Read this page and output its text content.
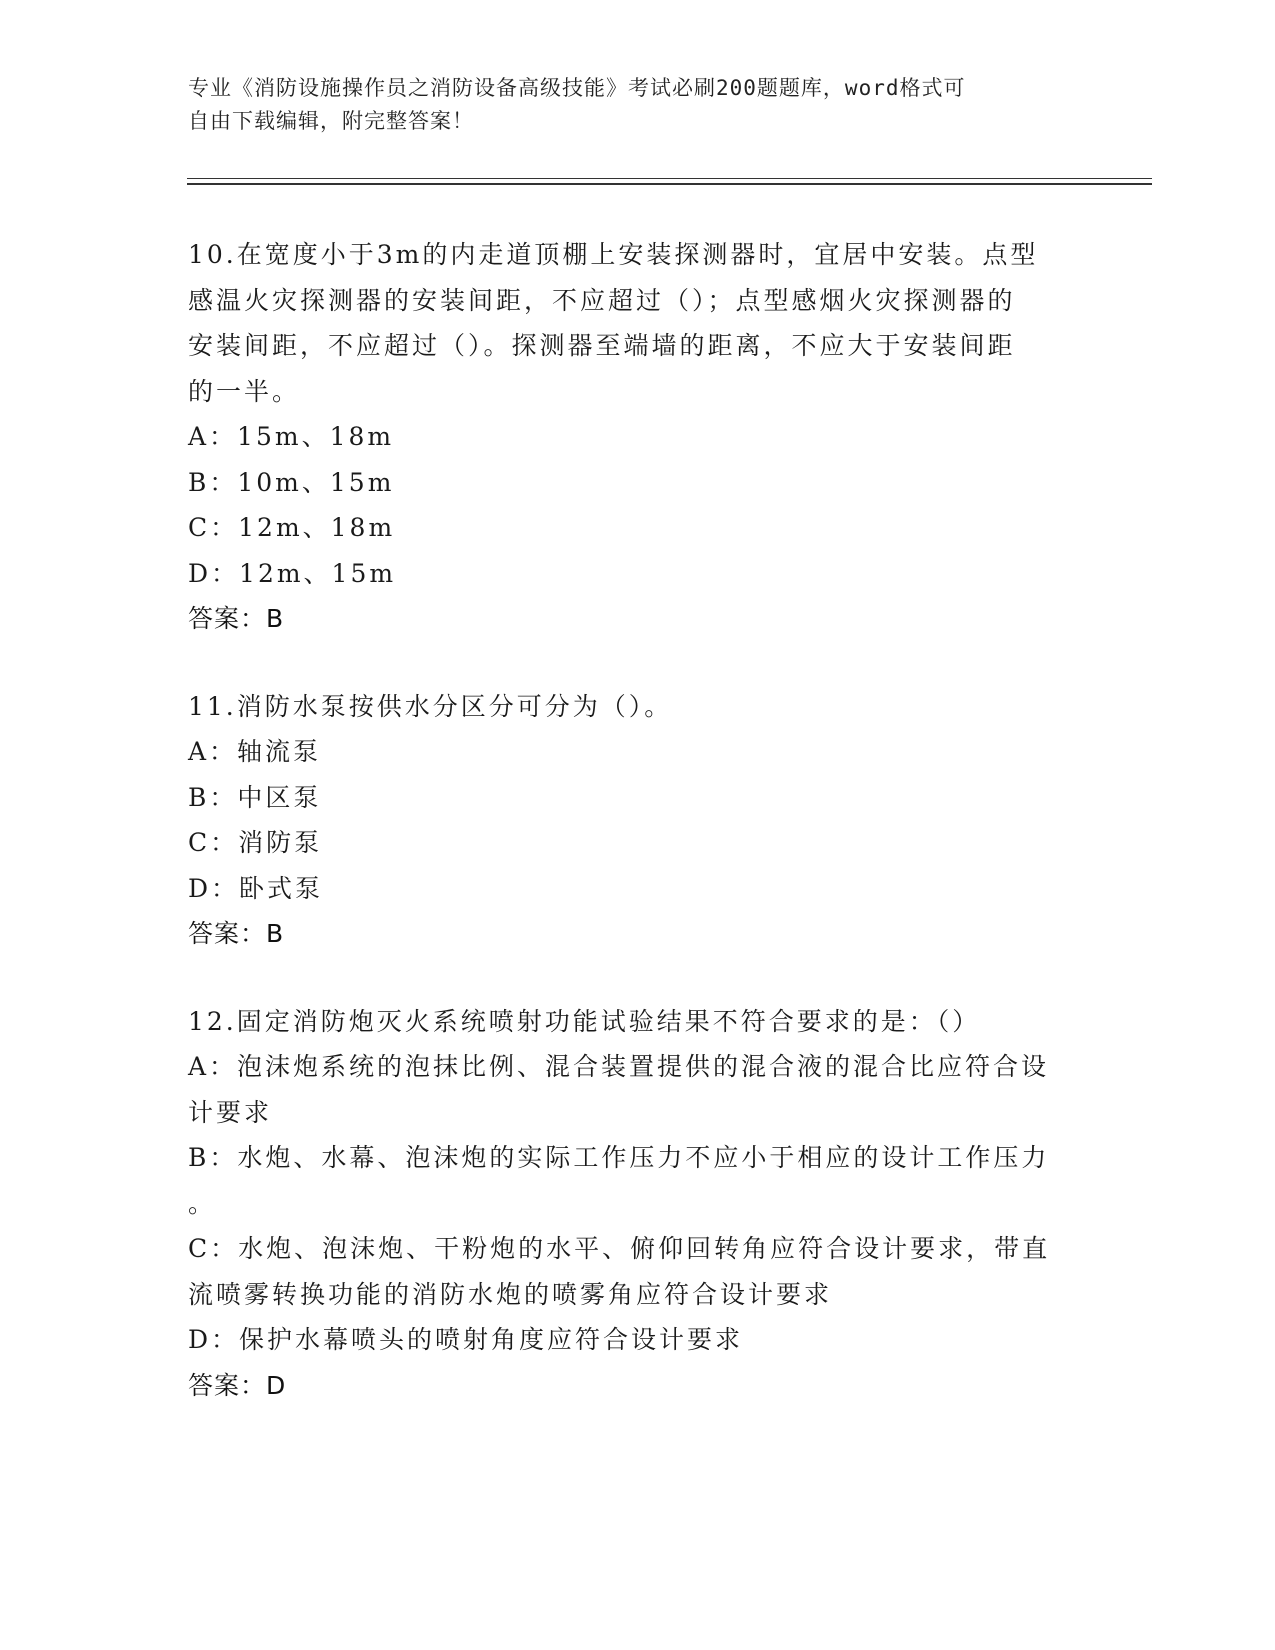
专业《消防设施操作员之消防设备高级技能》考试必刷200题题库，word格式可
自由下载编辑，附完整答案！
10.在宽度小于3m的内走道顶棚上安装探测器时，宜居中安装。点型
感温火灾探测器的安装间距，不应超过（）；点型感烟火灾探测器的
安装间距，不应超过（）。探测器至端墙的距离，不应大于安装间距
的一半。
A：15m、18m
B：10m、15m
C：12m、18m
D：12m、15m
答案：B
11.消防水泵按供水分区分可分为（）。
A：轴流泵
B：中区泵
C：消防泵
D：卧式泵
答案：B
12.固定消防炮灭火系统喷射功能试验结果不符合要求的是：（）
A：泡沫炮系统的泡抹比例、混合装置提供的混合液的混合比应符合设
计要求
B：水炮、水幕、泡沫炮的实际工作压力不应小于相应的设计工作压力
。
C：水炮、泡沫炮、干粉炮的水平、俯仰回转角应符合设计要求，带直
流喷雾转换功能的消防水炮的喷雾角应符合设计要求
D：保护水幕喷头的喷射角度应符合设计要求
答案：D
